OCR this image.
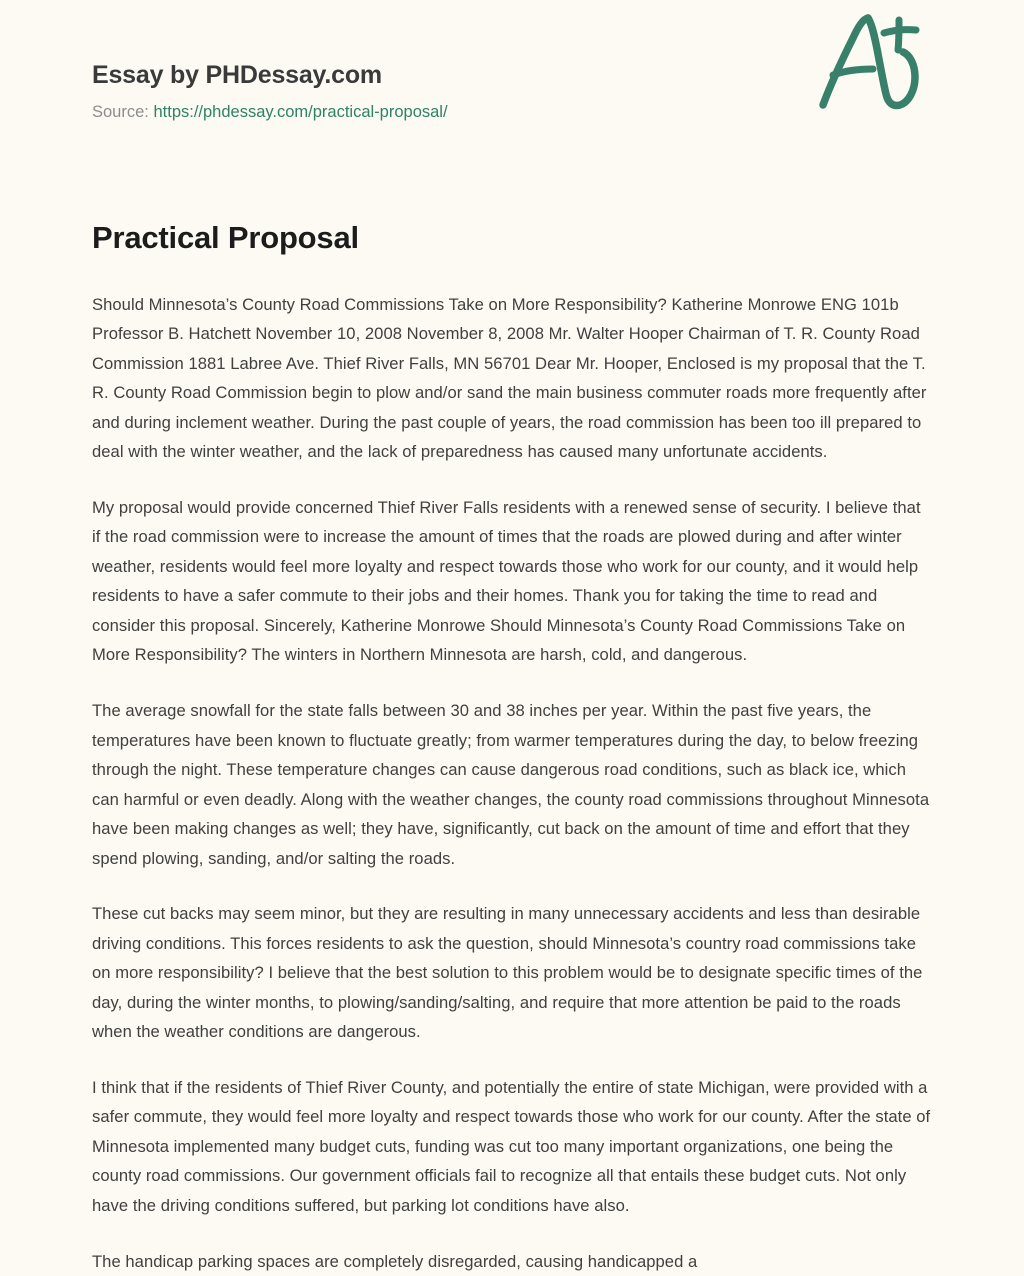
Essay by PHDessay.com
Source: https://phdessay.com/practical-proposal/
Practical Proposal

Should Minnesota’s County Road Commissions Take on More Responsibility? Katherine Monrowe ENG 101b Professor B. Hatchett November 10, 2008 November 8, 2008 Mr. Walter Hooper Chairman of T. R. County Road Commission 1881 Labree Ave. Thief River Falls, MN 56701 Dear Mr. Hooper, Enclosed is my proposal that the T. R. County Road Commission begin to plow and/or sand the main business commuter roads more frequently after and during inclement weather. During the past couple of years, the road commission has been too ill prepared to deal with the winter weather, and the lack of preparedness has caused many unfortunate accidents.

My proposal would provide concerned Thief River Falls residents with a renewed sense of security. I believe that if the road commission were to increase the amount of times that the roads are plowed during and after winter weather, residents would feel more loyalty and respect towards those who work for our county, and it would help residents to have a safer commute to their jobs and their homes. Thank you for taking the time to read and consider this proposal. Sincerely, Katherine Monrowe Should Minnesota’s County Road Commissions Take on More Responsibility? The winters in Northern Minnesota are harsh, cold, and dangerous.

The average snowfall for the state falls between 30 and 38 inches per year. Within the past five years, the temperatures have been known to fluctuate greatly; from warmer temperatures during the day, to below freezing through the night. These temperature changes can cause dangerous road conditions, such as black ice, which can harmful or even deadly. Along with the weather changes, the county road commissions throughout Minnesota have been making changes as well; they have, significantly, cut back on the amount of time and effort that they spend plowing, sanding, and/or salting the roads.

These cut backs may seem minor, but they are resulting in many unnecessary accidents and less than desirable driving conditions. This forces residents to ask the question, should Minnesota’s country road commissions take on more responsibility? I believe that the best solution to this problem would be to designate specific times of the day, during the winter months, to plowing/sanding/salting, and require that more attention be paid to the roads when the weather conditions are dangerous.

I think that if the residents of Thief River County, and potentially the entire of state Michigan, were provided with a safer commute, they would feel more loyalty and respect towards those who work for our county. After the state of Minnesota implemented many budget cuts, funding was cut too many important organizations, one being the county road commissions. Our government officials fail to recognize all that entails these budget cuts. Not only have the driving conditions suffered, but parking lot conditions have also.

The handicap parking spaces are completely disregarded, causing handicapped a
